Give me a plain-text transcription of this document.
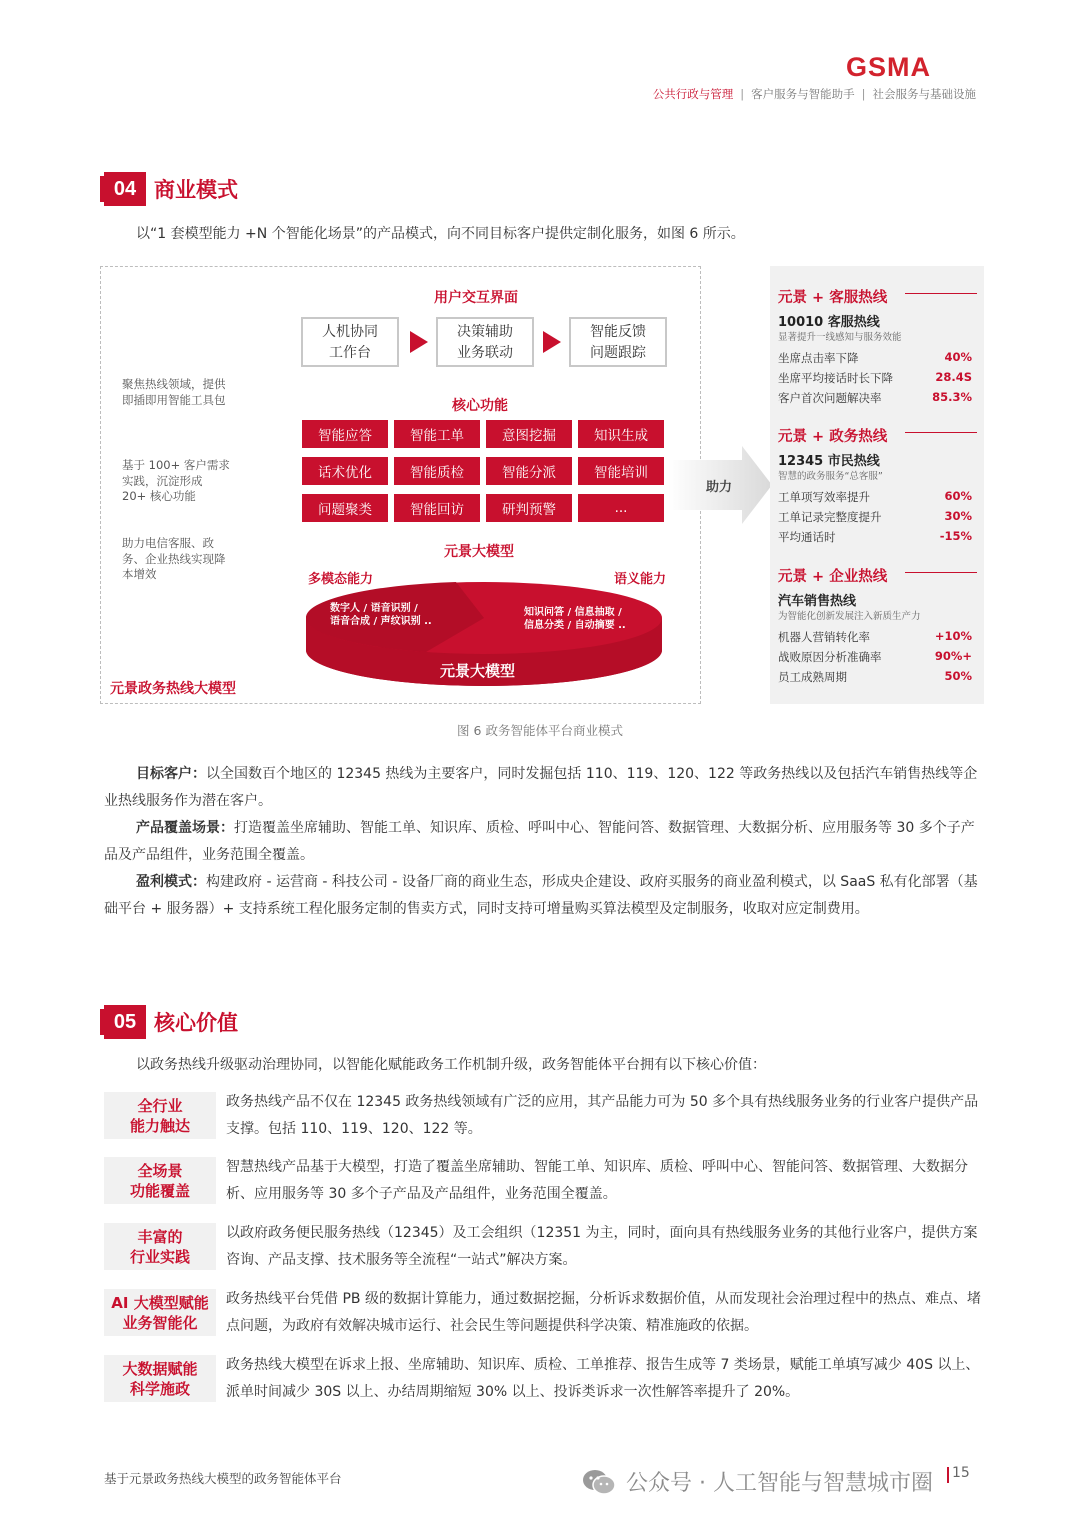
GSMA
公共行政与管理 | 客户服务与智能助手 | 社会服务与基础设施
04 商业模式
以“1 套模型能力 +N 个智能化场景”的产品模式，向不同目标客户提供定制化服务，如图 6 所示。
用户交互界面
人机协同
工作台
决策辅助
业务联动
智能反馈
问题跟踪
核心功能
智能应答	智能工单	意图挖掘	知识生成
话术优化	智能质检	智能分派	智能培训
问题聚类	智能回访	研判预警	...
聚焦热线领域，提供即插即用智能工具包
基于 100+ 客户需求实践，沉淀形成 20+ 核心功能
助力电信客服、政务、企业热线实现降本增效
助力
元景大模型
多模态能力	语义能力
数字人 / 语音识别 /
语音合成 / 声纹识别 ..
知识问答 / 信息抽取 /
信息分类 / 自动摘要 ..
元景大模型
元景政务热线大模型
元景 + 客服热线
10010 客服热线
显著提升一线感知与服务效能
坐席点击率下降	40%
坐席平均接话时长下降	28.4S
客户首次问题解决率	85.3%
元景 + 政务热线
12345 市民热线
智慧的政务服务“总客服”
工单项写效率提升	60%
工单记录完整度提升	30%
平均通话时	-15%
元景 + 企业热线
汽车销售热线
为智能化创新发展注入新质生产力
机器人营销转化率	+10%
战败原因分析准确率	90%+
员工成熟周期	50%
图 6 政务智能体平台商业模式
目标客户：以全国数百个地区的 12345 热线为主要客户，同时发掘包括 110、119、120、122 等政务热线以及包括汽车销售热线等企业热线服务作为潜在客户。
产品覆盖场景：打造覆盖坐席辅助、智能工单、知识库、质检、呼叫中心、智能问答、数据管理、大数据分析、应用服务等 30 多个子产品及产品组件，业务范围全覆盖。
盈利模式：构建政府 - 运营商 - 科技公司 - 设备厂商的商业生态，形成央企建设、政府买服务的商业盈利模式，以 SaaS 私有化部署（基础平台 + 服务器）+ 支持系统工程化服务定制的售卖方式，同时支持可增量购买算法模型及定制服务，收取对应定制费用。
05 核心价值
以政务热线升级驱动治理协同，以智能化赋能政务工作机制升级，政务智能体平台拥有以下核心价值：
全行业
能力触达
政务热线产品不仅在 12345 政务热线领域有广泛的应用，其产品能力可为 50 多个具有热线服务业务的行业客户提供产品支撑。包括 110、119、120、122 等。
全场景
功能覆盖
智慧热线产品基于大模型，打造了覆盖坐席辅助、智能工单、知识库、质检、呼叫中心、智能问答、数据管理、大数据分析、应用服务等 30 多个子产品及产品组件，业务范围全覆盖。
丰富的
行业实践
以政府政务便民服务热线（12345）及工会组织（12351 为主，同时，面向具有热线服务业务的其他行业客户，提供方案咨询、产品支撑、技术服务等全流程“一站式”解决方案。
AI 大模型赋能
业务智能化
政务热线平台凭借 PB 级的数据计算能力，通过数据挖掘，分析诉求数据价值，从而发现社会治理过程中的热点、难点、堵点问题，为政府有效解决城市运行、社会民生等问题提供科学决策、精准施政的依据。
大数据赋能
科学施政
政务热线大模型在诉求上报、坐席辅助、知识库、质检、工单推荐、报告生成等 7 类场景，赋能工单填写减少 40S 以上、派单时间减少 30S 以上、办结周期缩短 30% 以上、投诉类诉求一次性解答率提升了 20%。
基于元景政务热线大模型的政务智能体平台	公众号 · 人工智能与智慧城市圈 15
